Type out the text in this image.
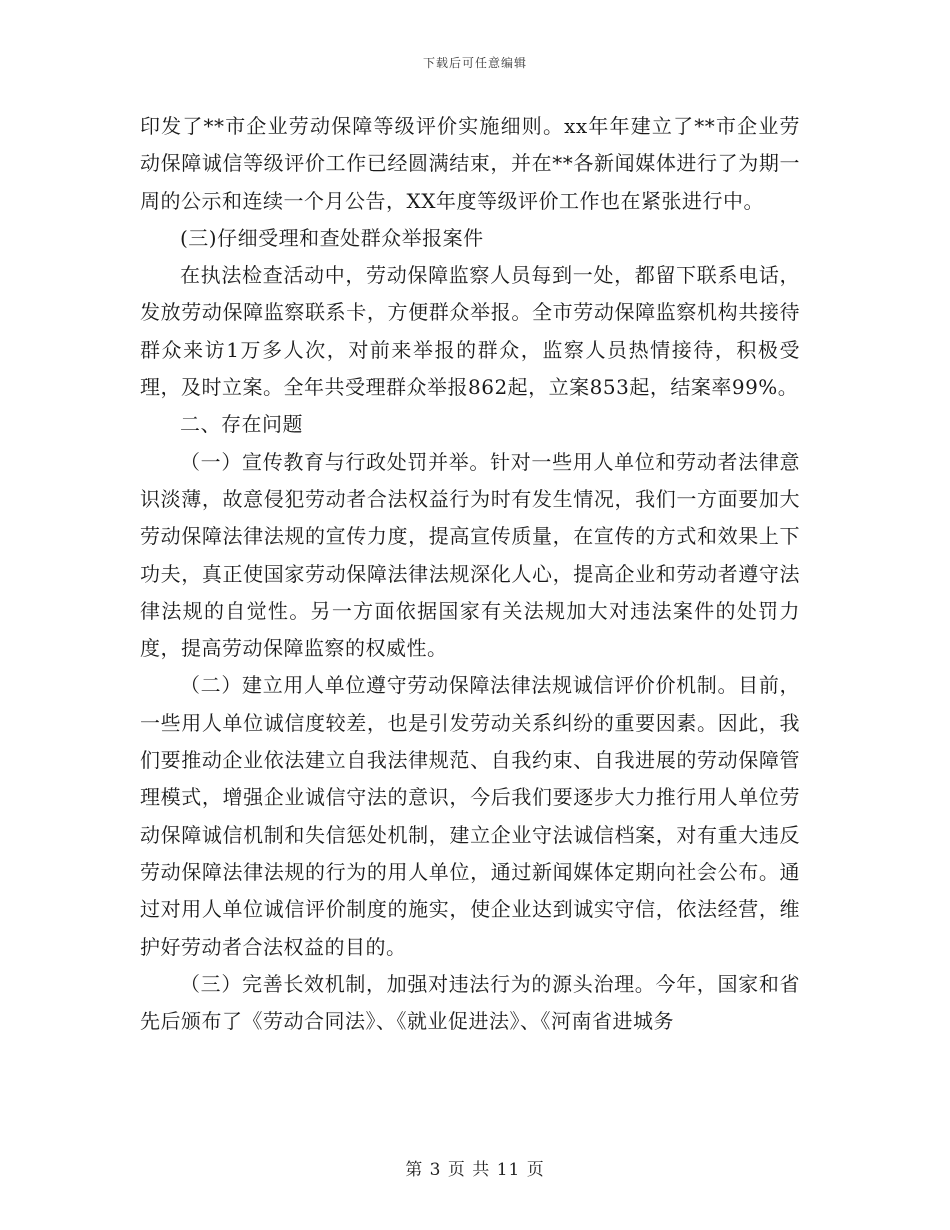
下载后可任意编辑

印发了**市企业劳动保障等级评价实施细则。xx年年建立了**市企业劳动保障诚信等级评价工作已经圆满结束，并在**各新闻媒体进行了为期一周的公示和连续一个月公告，XX年度等级评价工作也在紧张进行中。

(三)仔细受理和查处群众举报案件

在执法检查活动中，劳动保障监察人员每到一处，都留下联系电话，发放劳动保障监察联系卡，方便群众举报。全市劳动保障监察机构共接待群众来访1万多人次，对前来举报的群众，监察人员热情接待，积极受理，及时立案。全年共受理群众举报862起，立案853起，结案率99%。

二、存在问题

（一）宣传教育与行政处罚并举。针对一些用人单位和劳动者法律意识淡薄，故意侵犯劳动者合法权益行为时有发生情况，我们一方面要加大劳动保障法律法规的宣传力度，提高宣传质量，在宣传的方式和效果上下功夫，真正使国家劳动保障法律法规深化人心，提高企业和劳动者遵守法律法规的自觉性。另一方面依据国家有关法规加大对违法案件的处罚力度，提高劳动保障监察的权威性。

（二）建立用人单位遵守劳动保障法律法规诚信评价价机制。目前，一些用人单位诚信度较差，也是引发劳动关系纠纷的重要因素。因此，我们要推动企业依法建立自我法律规范、自我约束、自我进展的劳动保障管理模式，增强企业诚信守法的意识，今后我们要逐步大力推行用人单位劳动保障诚信机制和失信惩处机制，建立企业守法诚信档案，对有重大违反劳动保障法律法规的行为的用人单位，通过新闻媒体定期向社会公布。通过对用人单位诚信评价制度的施实，使企业达到诚实守信，依法经营，维护好劳动者合法权益的目的。

（三）完善长效机制，加强对违法行为的源头治理。今年，国家和省先后颁布了《劳动合同法》、《就业促进法》、《河南省进城务

第 3 页 共 11 页
